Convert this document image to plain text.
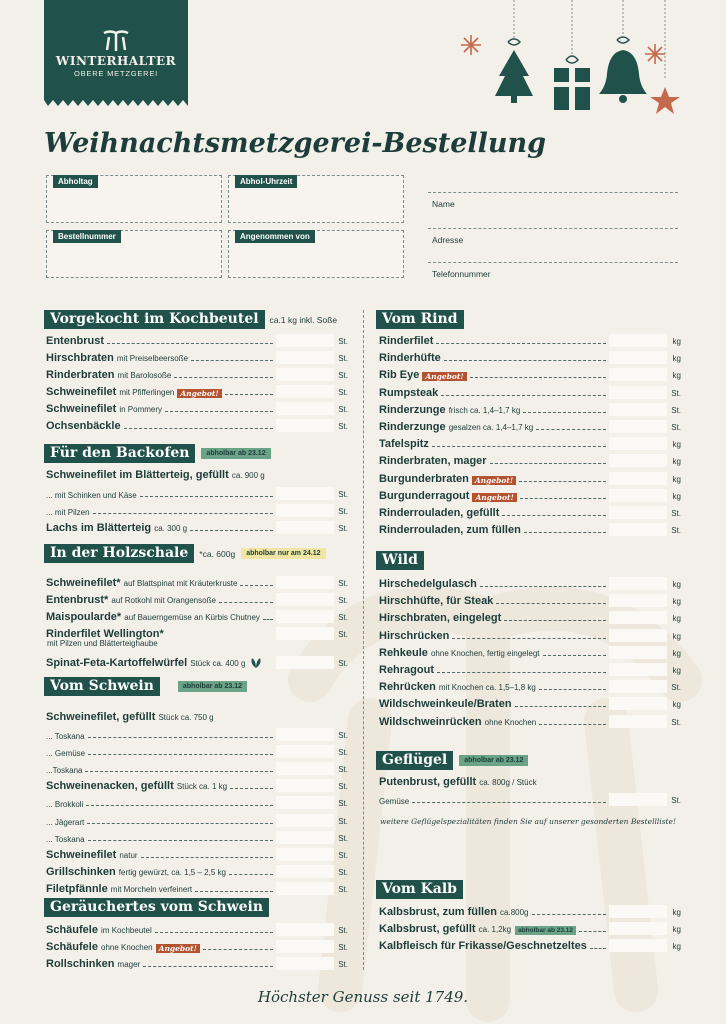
WINTERHALTER
OBERE METZGEREI
Weihnachtsmetzgerei-Bestellung
Abholtag	Abhol-Uhrzeit
Bestellnummer	Angenommen von
Name
Adresse
Telefonnummer
Vorgekocht im Kochbeutel	ca.1 kg inkl. Soße
Entenbrust	St.
Hirschbraten mit Preiselbeersoße	St.
Rinderbraten mit Barolosoße	St.
Schweinefilet mit Pfifferlingen Angebot!	St.
Schweinefilet in Pommery	St.
Ochsenbäckle	St.
Für den Backofen	abholbar ab 23.12
Schweinefilet im Blätterteig, gefüllt ca. 900 g
... mit Schinken und Käse	St.
... mit Pilzen	St.
Lachs im Blätterteig ca. 300 g	St.
In der Holzschale	*ca. 600g	abholbar nur am 24.12
Schweinefilet* auf Blattspinat mit Kräuterkruste	St.
Entenbrust* auf Rotkohl mit Orangensoße	St.
Maispoularde* auf Bauerngemüse an Kürbis Chutney	St.
Rinderfilet Wellington*	St.
mit Pilzen und Blätterteighaube
Spinat-Feta-Kartoffelwürfel Stück ca. 400 g	St.
Vom Schwein	abholbar ab 23.12
Schweinefilet, gefüllt Stück ca. 750 g
... Toskana	St.
... Gemüse	St.
...Toskana	St.
Schweinenacken, gefüllt Stück ca. 1 kg	St.
... Brokkoli	St.
... Jägerart	St.
... Toskana	St.
Schweinefilet natur	St.
Grillschinken fertig gewürzt, ca. 1,5 – 2,5 kg	St.
Filetpfännle mit Morcheln verfeinert	St.
Geräuchertes vom Schwein
Schäufele im Kochbeutel	St.
Schäufele ohne Knochen Angebot!	St.
Rollschinken mager	St.
Vom Rind
Rinderfilet	kg
Rinderhüfte	kg
Rib Eye Angebot!	kg
Rumpsteak	St.
Rinderzunge frisch ca. 1,4–1,7 kg	St.
Rinderzunge gesalzen ca. 1,4–1,7 kg	St.
Tafelspitz	kg
Rinderbraten, mager	kg
Burgunderbraten Angebot!	kg
Burgunderragout Angebot!	kg
Rinderrouladen, gefüllt	St.
Rinderrouladen, zum füllen	St.
Wild
Hirschedelgulasch	kg
Hirschhüfte, für Steak	kg
Hirschbraten, eingelegt	kg
Hirschrücken	kg
Rehkeule ohne Knochen, fertig eingelegt	kg
Rehragout	kg
Rehrücken mit Knochen ca. 1,5–1,8 kg	St.
Wildschweinkeule/Braten	kg
Wildschweinrücken ohne Knochen	St.
Geflügel	abholbar ab 23.12
Putenbrust, gefüllt ca. 800g / Stück
Gemüse	St.
weitere Geflügelspezialitäten finden Sie auf unserer gesonderten Bestellliste!
Vom Kalb
Kalbsbrust, zum füllen ca.800g	kg
Kalbsbrust, gefüllt ca. 1,2kg	abholbar ab 23.12	kg
Kalbfleisch für Frikasse/Geschnetzeltes	kg
Höchster Genuss seit 1749.
